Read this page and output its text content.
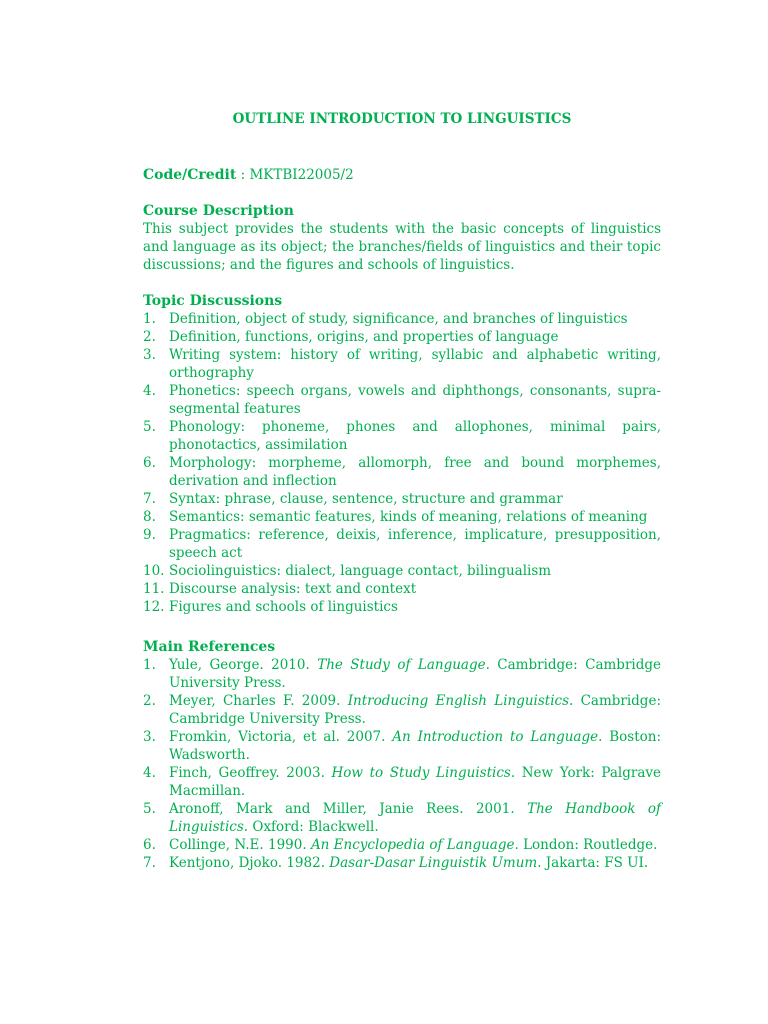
OUTLINE INTRODUCTION TO LINGUISTICS
Code/Credit : MKTBI22005/2
Course Description
This subject provides the students with the basic concepts of linguistics and language as its object; the branches/fields of linguistics and their topic discussions; and the figures and schools of linguistics.
Topic Discussions
1. Definition, object of study, significance, and branches of linguistics
2. Definition, functions, origins, and properties of language
3. Writing system: history of writing, syllabic and alphabetic writing, orthography
4. Phonetics: speech organs, vowels and diphthongs, consonants, supra-segmental features
5. Phonology: phoneme, phones and allophones, minimal pairs, phonotactics, assimilation
6. Morphology: morpheme, allomorph, free and bound morphemes, derivation and inflection
7. Syntax: phrase, clause, sentence, structure and grammar
8. Semantics: semantic features, kinds of meaning, relations of meaning
9. Pragmatics: reference, deixis, inference, implicature, presupposition, speech act
10. Sociolinguistics: dialect, language contact, bilingualism
11. Discourse analysis: text and context
12. Figures and schools of linguistics
Main References
1. Yule, George. 2010. The Study of Language. Cambridge: Cambridge University Press.
2. Meyer, Charles F. 2009. Introducing English Linguistics. Cambridge: Cambridge University Press.
3. Fromkin, Victoria, et al. 2007. An Introduction to Language. Boston: Wadsworth.
4. Finch, Geoffrey. 2003. How to Study Linguistics. New York: Palgrave Macmillan.
5. Aronoff, Mark and Miller, Janie Rees. 2001. The Handbook of Linguistics. Oxford: Blackwell.
6. Collinge, N.E. 1990. An Encyclopedia of Language. London: Routledge.
7. Kentjono, Djoko. 1982. Dasar-Dasar Linguistik Umum. Jakarta: FS UI.
